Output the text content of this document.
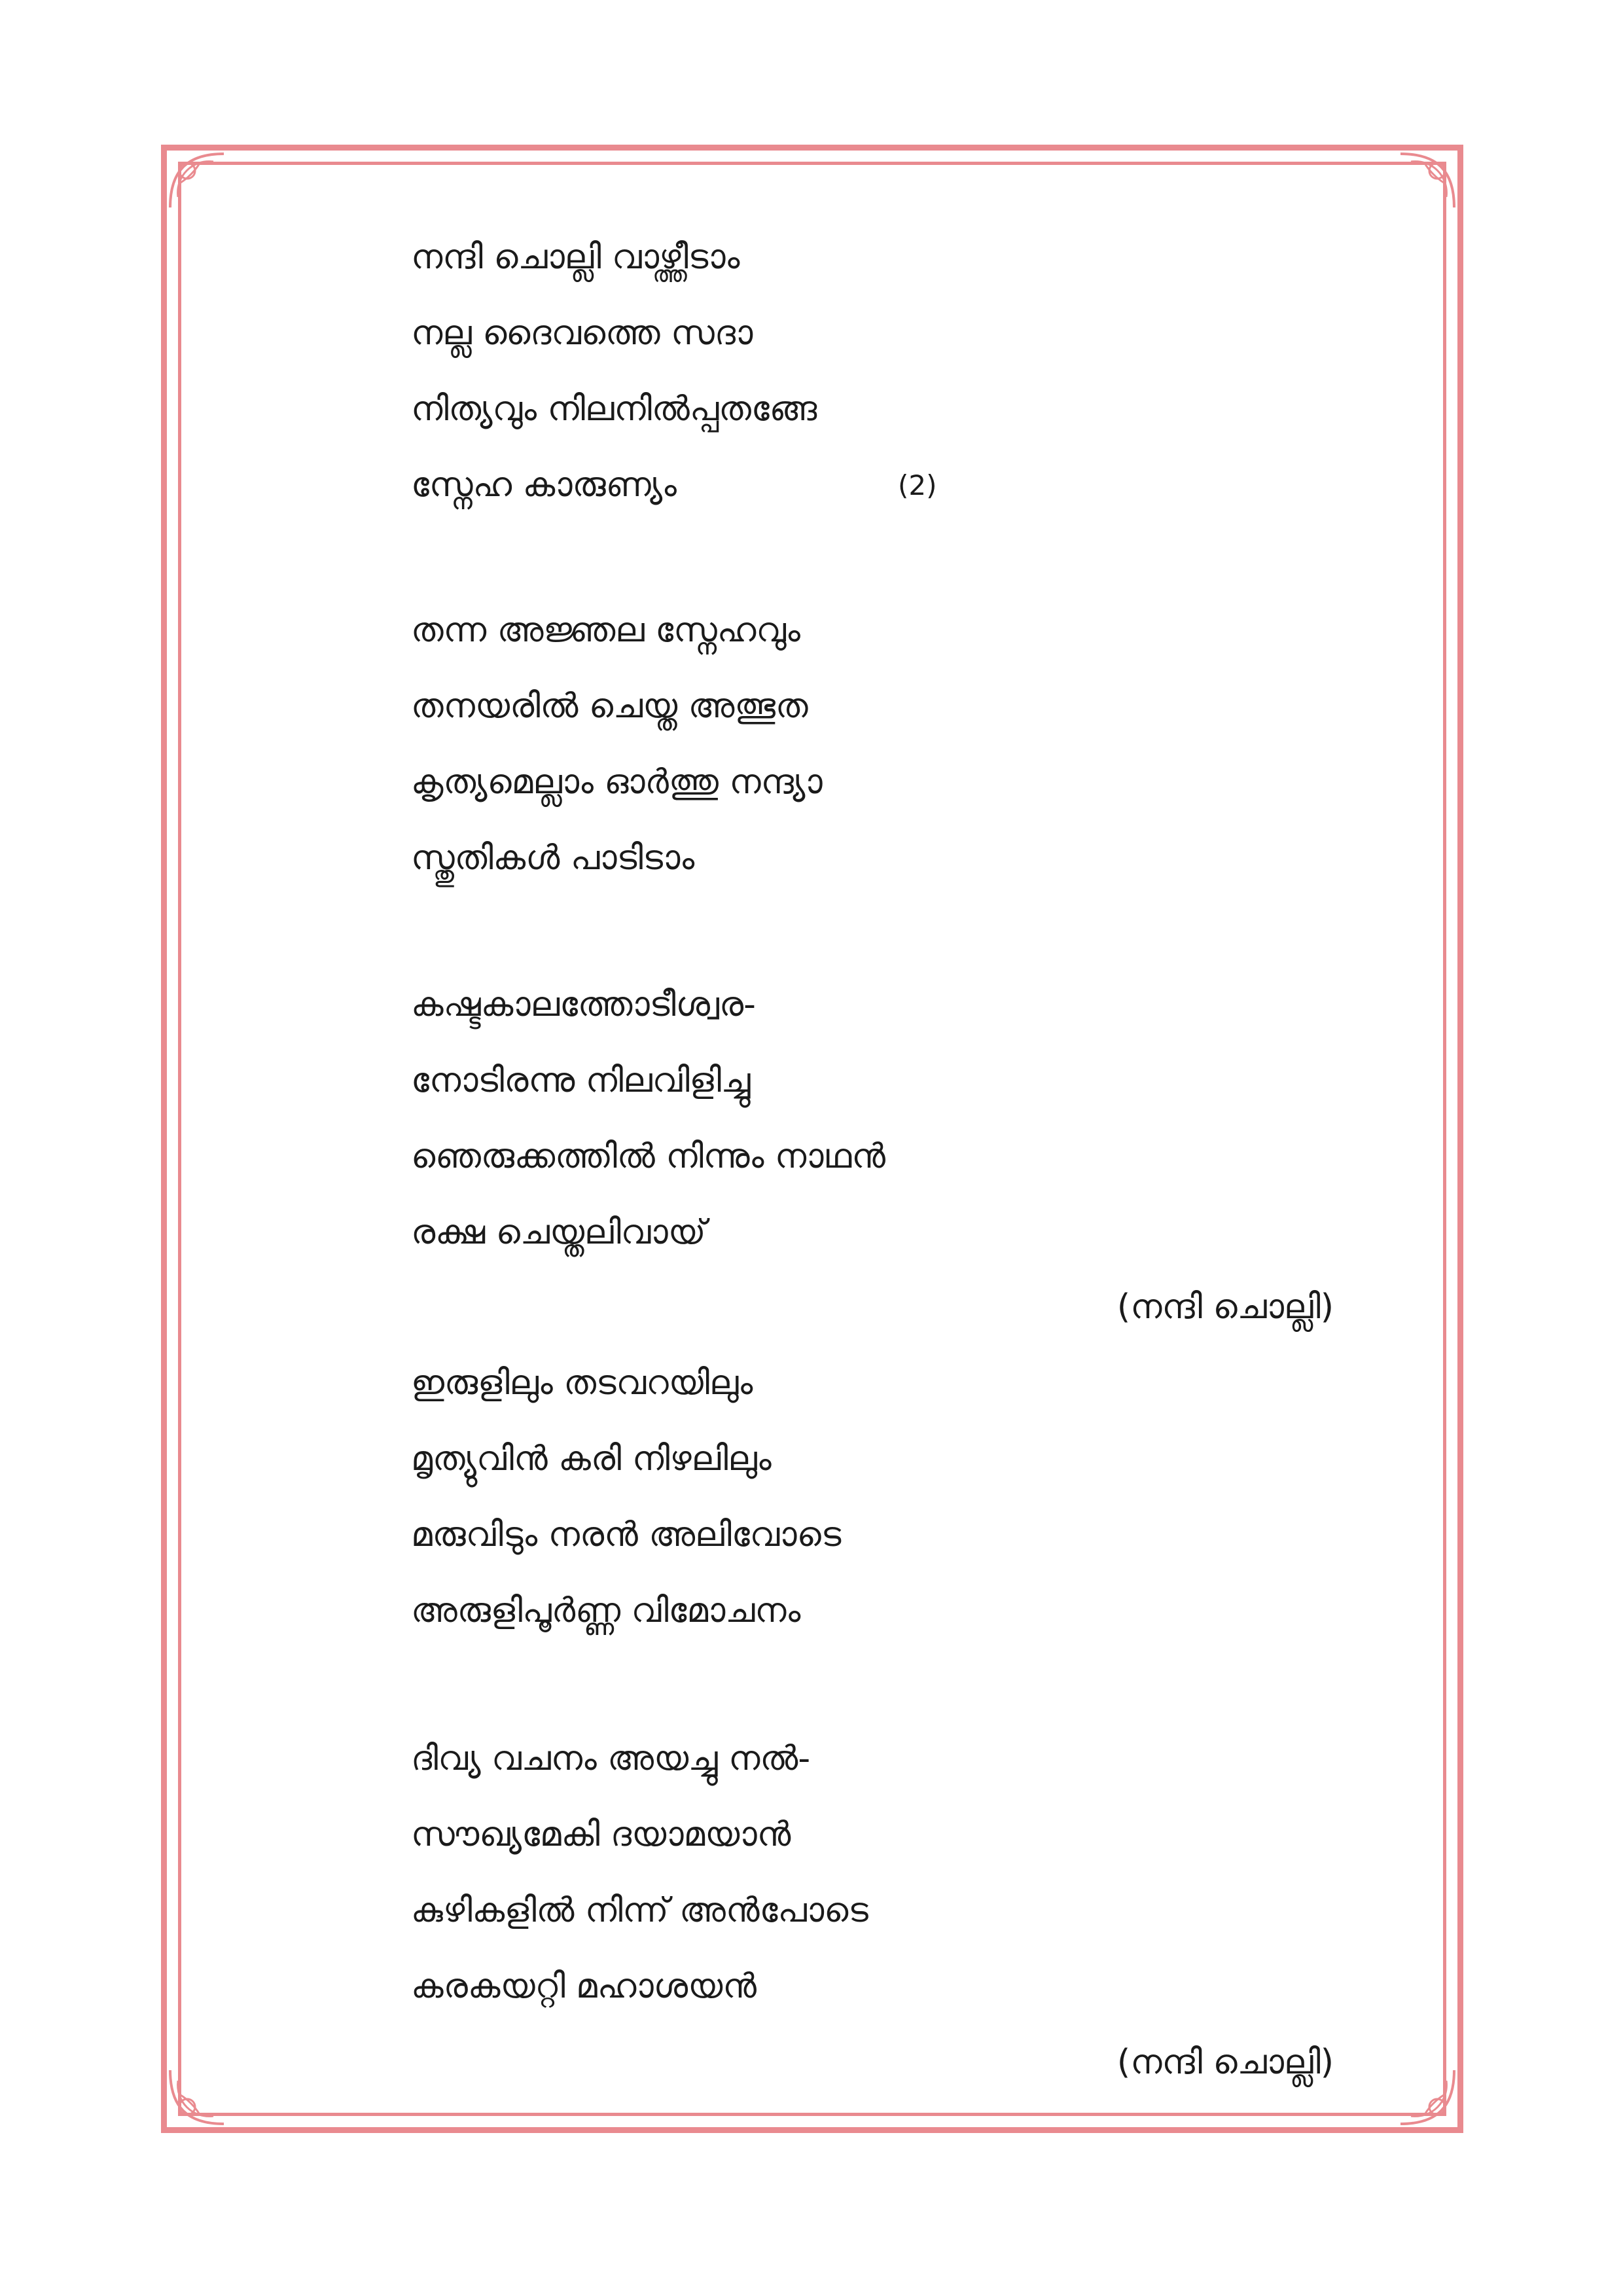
നന്ദി ചൊല്ലി വാഴ്ത്തീടാം
നല്ല ദൈവത്തെ സദാ
നിത്യവും നിലനിൽപ്പതങ്ങേ
സ്നേഹ കാരുണ്യം	(2)
തന്ന അജ്ഞല സ്നേഹവും
തനയരിൽ ചെയ്ത അത്ഭുത
കൃത്യമെല്ലാം ഓർത്തു നന്ദ്യാ
സ്തുതികൾ പാടിടാം
കഷ്ടകാലത്തോടീശ്വര-
നോടിരന്നു നിലവിളിച്ചു
ഞെരുക്കത്തിൽ നിന്നും നാഥൻ
രക്ഷ ചെയ്തലിവായ്
(നന്ദി ചൊല്ലി)
ഇരുളിലും തടവറയിലും
മൃത്യുവിൻ കരി നിഴലിലും
മരുവിടും നരൻ അലിവോടെ
അരുളിപൂർണ്ണ വിമോചനം
ദിവ്യ വചനം അയച്ചു നൽ-
സൗഖ്യമേകി ദയാമയാൻ
കുഴികളിൽ നിന്ന് അൻപോടെ
കരകയറ്റി മഹാശയൻ
(നന്ദി ചൊല്ലി)
